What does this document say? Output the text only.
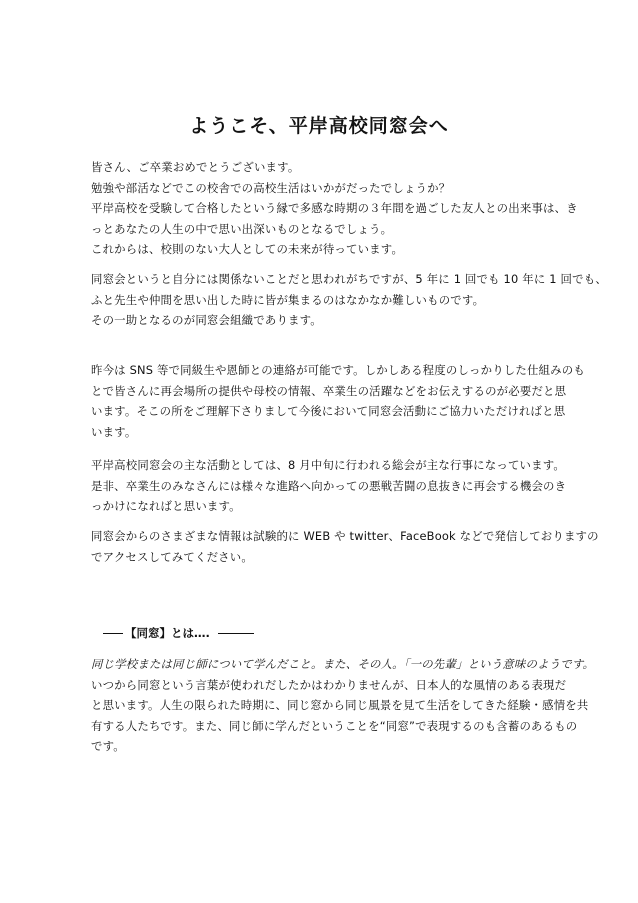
ようこそ、平岸高校同窓会へ
皆さん、ご卒業おめでとうございます。
勉強や部活などでこの校舎での高校生活はいかがだったでしょうか？
平岸高校を受験して合格したという縁で多感な時期の３年間を過ごした友人との出来事は、き
っとあなたの人生の中で思い出深いものとなるでしょう。
これからは、校則のない大人としての未来が待っています。
同窓会というと自分には関係ないことだと思われがちですが、5 年に 1 回でも 10 年に 1 回でも、
ふと先生や仲間を思い出した時に皆が集まるのはなかなか難しいものです。
その一助となるのが同窓会組織であります。
昨今は SNS 等で同級生や恩師との連絡が可能です。しかしある程度のしっかりした仕組みのも
とで皆さんに再会場所の提供や母校の情報、卒業生の活躍などをお伝えするのが必要だと思
います。そこの所をご理解下さりまして今後において同窓会活動にご協力いただければと思
います。
平岸高校同窓会の主な活動としては、8 月中旬に行われる総会が主な行事になっています。
是非、卒業生のみなさんには様々な進路へ向かっての悪戦苦闘の息抜きに再会する機会のき
っかけになればと思います。
同窓会からのさまざまな情報は試験的に WEB や twitter、FaceBook などで発信しておりますの
でアクセスしてみてください。
【同窓】とは….
同じ学校または同じ師について学んだこと。また、その人。「一の先輩」という意味のようです。
いつから同窓という言葉が使われだしたかはわかりませんが、日本人的な風情のある表現だ
と思います。人生の限られた時期に、同じ窓から同じ風景を見て生活をしてきた経験・感情を共
有する人たちです。また、同じ師に学んだということを“同窓”で表現するのも含蓄のあるもの
です。
